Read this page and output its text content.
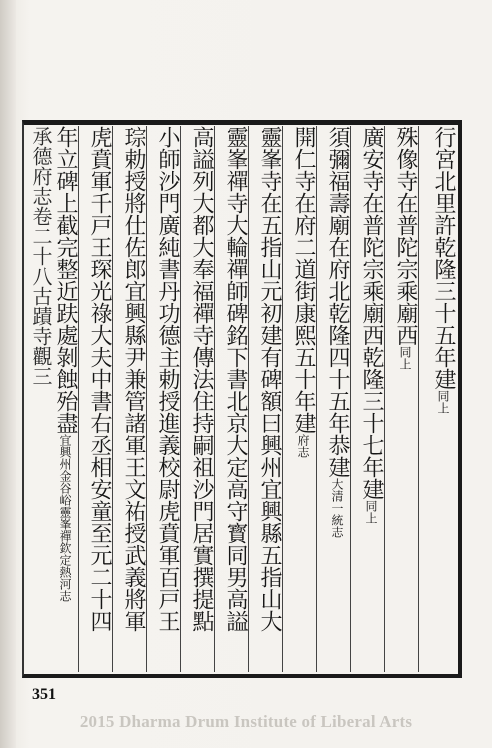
承德府志卷二十八古蹟寺觀三	行宮北里許乾隆三十五年建同上
殊像寺在普陀宗乘廟西同上
廣安寺在普陀宗乘廟西乾隆三十七年建同上
須彌福壽廟在府北乾隆四十五年恭建大清一統志
開仁寺在府二道街康熙五十年建府志
靈峯寺在五指山元初建有碑額曰興州宜興縣五指山大
靈峯禪寺大輪禪師碑銘下書北京大定高守寳同男高謚
高謚列大都大奉福禪寺傳法住持嗣祖沙門居實撰提點
小師沙門廣純書丹功德主勅授進義校尉虎賁軍百戸王
琮勅授將仕佐郎宜興縣尹兼管諸軍王文祐授武義將軍
虎賁軍千戸王琛光祿大夫中書右丞相安童至元二十四
年立碑上截完整近趺處剝蝕殆盡宜興州金谷峪靈峯禪欽定熱河志
351
2015 Dharma Drum Institute of Liberal Arts
